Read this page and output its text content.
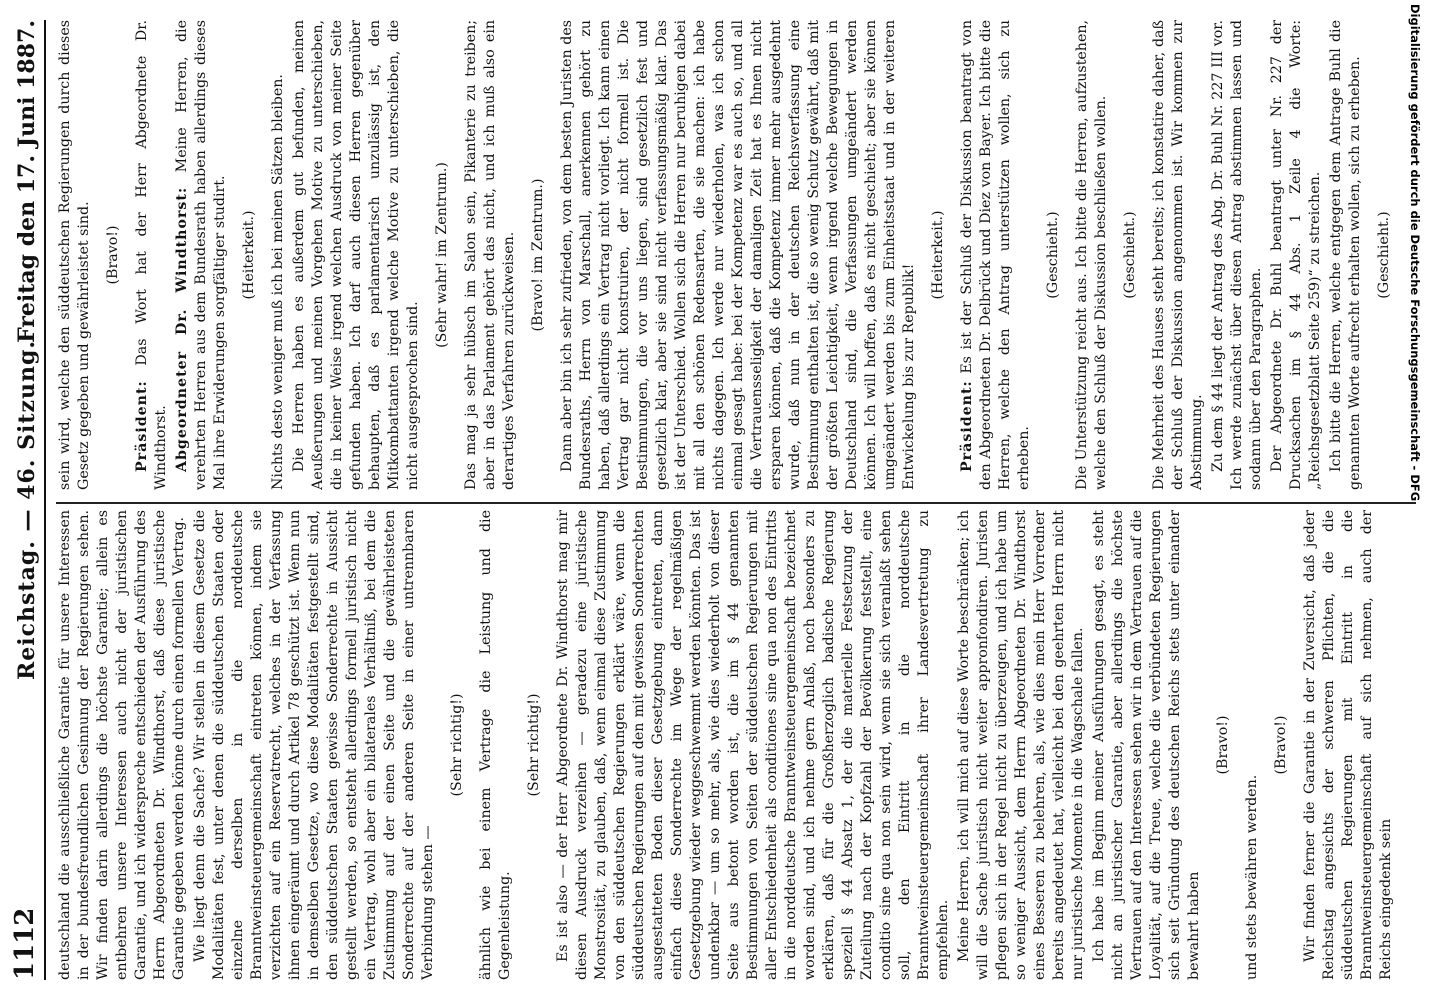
1112
Reichstag. — 46. Sitzung.
Freitag den 17. Juni 1887.

deutschland die ausschließliche Garantie für unsere Interessen in der bundesfreundlichen Gesinnung der Regierungen sehen. Wir finden darin allerdings die höchste Garantie; allein es entbehren unsere Interessen auch nicht der juristischen Garantie, und ich widerspreche entschieden der Ausführung des Herrn Abgeordneten Dr. Windthorst, daß diese juristische Garantie gegeben werden könne durch einen formellen Vertrag. Wie liegt denn die Sache? Wir stellen in diesem Gesetze die Modalitäten fest, unter denen die süddeutschen Staaten oder einzelne derselben in die norddeutsche Branntweinsteuergemeinschaft eintreten können, indem sie verzichten auf ein Reservatrecht, welches in der Verfassung ihnen eingeräumt und durch Artikel 78 geschützt ist. Wenn nun in demselben Gesetze, wo diese Modalitäten festgestellt sind, den süddeutschen Staaten gewisse Sonderrechte in Aussicht gestellt werden, so entsteht allerdings formell juristisch nicht ein Vertrag, wohl aber ein bilaterales Verhältniß, bei dem die Zustimmung auf der einen Seite und die gewährleisteten Sonderrechte auf der anderen Seite in einer untrennbaren Verbindung stehen —

(Sehr richtig!) ähnlich wie bei einem Vertrage die Leistung und die Gegenleistung.

(Sehr richtig!) Es ist also — der Herr Abgeordnete Dr. Windthorst mag mir diesen Ausdruck verzeihen — geradezu eine juristische Monstrosität, zu glauben, daß, wenn einmal diese Zustimmung von den süddeutschen Regierungen erklärt wäre, wenn die süddeutschen Regierungen auf den mit gewissen Sonderrechten ausgestatteten Boden dieser Gesetzgebung eintreten, dann einfach diese Sonderrechte im Wege der regelmäßigen Gesetzgebung wieder weggeschwemmt werden könnten. Das ist undenkbar — um so mehr, als, wie dies wiederholt von dieser Seite aus betont worden ist, die im § 44 genannten Bestimmungen von Seiten der süddeutschen Regierungen mit aller Entschiedenheit als conditiones sine qua non des Eintritts in die norddeutsche Branntweinsteuergemeinschaft bezeichnet worden sind, und ich nehme gern Anlaß, noch besonders zu erklären, daß für die Großherzoglich badische Regierung speziell § 44 Absatz 1, der die materielle Festsetzung der Zuteilung nach der Kopfzahl der Bevölkerung feststellt, eine conditio sine qua non sein wird, wenn sie sich veranlaßt sehen soll, den Eintritt in die norddeutsche Branntweinsteuergemeinschaft ihrer Landesvertretung zu empfehlen. Meine Herren, ich will mich auf diese Worte beschränken; ich will die Sache juristisch nicht weiter appronfondiren. Juristen pflegen sich in der Regel nicht zu überzeugen, und ich habe um so weniger Aussicht, dem Herrn Abgeordneten Dr. Windthorst eines Besseren zu belehren, als, wie dies mein Herr Vorredner bereits angedeutet hat, vielleicht bei den geehrten Herrn nicht nur juristische Momente in die Wagschale fallen. Ich habe im Beginn meiner Ausführungen gesagt, es steht nicht an juristischer Garantie, aber allerdings die höchste Vertrauen auf den Interessen sehen wir in dem Vertrauen auf die Loyalität, auf die Treue, welche die verbündeten Regierungen sich seit Gründung des deutschen Reichs stets unter einander bewahrt haben

(Bravo!)

und stets bewähren werden.

(Bravo!) Wir finden ferner die Garantie in der Zuversicht, daß jeder Reichstag angesichts der schweren Pflichten, die die süddeutschen Regierungen mit Eintritt in die Branntweinsteuergemeinschaft auf sich nehmen, auch der Reichs eingedenk sein

sein wird, welche den süddeutschen Regierungen durch dieses Gesetz gegeben und gewährleistet sind. (Bravo!)

Präsident: Das Wort hat der Herr Abgeordnete Dr. Windthorst. Abgeordneter Dr. Windthorst: Meine Herren, die verehrten Herren aus dem Bundesrath haben allerdings dieses Mal ihre Erwiderungen sorgfältiger studirt. (Heiterkeit.) Nichts desto weniger muß ich bei meinen Sätzen bleiben. Die Herren haben es außerdem gut befunden, meinen Aeußerungen und meinen Vorgehen Motive zu unterschieben, die in keiner Weise irgend welchen Ausdruck von meiner Seite gefunden haben. Ich darf auch diesen Herren gegenüber behaupten, daß es parlamentarisch unzulässig ist, den Mitkombattanten irgend welche Motive zu unterschieben, die nicht ausgesprochen sind.

(Sehr wahr! im Zentrum.) Das mag ja sehr hübsch im Salon sein, Pikanterie zu treiben; aber in das Parlament gehört das nicht, und ich muß also ein derartiges Verfahren zurückweisen. (Bravo! im Zentrum.) Dann aber bin ich sehr zufrieden, von dem besten Juristen des Bundesraths, Herrn von Marschall, anerkennen gehört zu haben, daß allerdings ein Vertrag nicht vorliegt. Ich kann einen Vertrag gar nicht konstruiren, der nicht formell ist. Die Bestimmungen, die vor uns liegen, sind gesetzlich fest und gesetzlich klar, aber sie sind nicht verfassungsmäßig klar. Das ist der Unterschied. Wollen sich die Herren nur beruhigen dabei mit all den schönen Redensarten, die sie machen: ich habe nichts dagegen. Ich werde nur wiederholen, was ich schon einmal gesagt habe: bei der Kompetenz war es auch so, und all die Vertrauensseligkeit der damaligen Zeit hat es Ihnen nicht ersparen können, daß die Kompetenz immer mehr ausgedehnt wurde, daß nun in der deutschen Reichsverfassung eine Bestimmung enthalten ist, die so wenig Schutz gewährt, daß mit der größten Leichtigkeit, wenn irgend welche Bewegungen in Deutschland sind, die Verfassungen umgeändert werden können. Ich will hoffen, daß es nicht geschieht; aber sie können umgeändert werden bis zum Einheitsstaat und in der weiteren Entwickelung bis zur Republik!

(Heiterkeit.)

Präsident: Es ist der Schluß der Diskussion beantragt von den Abgeordneten Dr. Delbrück und Diez von Bayer. Ich bitte die Herren, welche den Antrag unterstützen wollen, sich zu erheben.

(Geschieht.) Die Unterstützung reicht aus. Ich bitte die Herren, aufzustehen, welche den Schluß der Diskussion beschließen wollen. (Geschieht.) Die Mehrheit des Hauses steht bereits; ich konstatire daher, daß der Schluß der Diskussion angenommen ist. Wir kommen zur Abstimmung. Zu dem § 44 liegt der Antrag des Abg. Dr. Buhl Nr. 227 III vor. Ich werde zunächst über diesen Antrag abstimmen lassen und sodann über den Paragraphen. Der Abgeordnete Dr. Buhl beantragt unter Nr. 227 der Drucksachen im § 44 Abs. 1 Zeile 4 die Worte: „Reichsgesetzblatt Seite 259)“ zu streichen. Ich bitte die Herren, welche entgegen dem Antrage Buhl die genannten Worte aufrecht erhalten wollen, sich zu erheben. (Geschieht.) Digitalisierung gefördert durch die Deutsche Forschungsgemeinschaft - DFG
